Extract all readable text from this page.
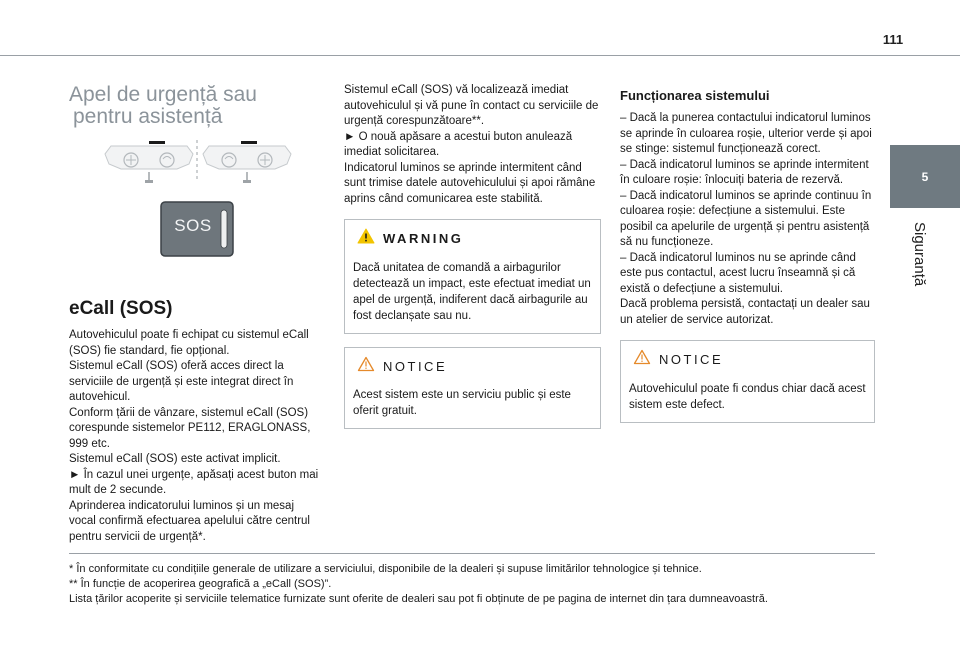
111
5
Siguranță
Apel de urgență sau
pentru asistență
SOS
eCall (SOS)

Autovehiculul poate fi echipat cu sistemul eCall (SOS) fie standard, fie opțional.
Sistemul eCall (SOS) oferă acces direct la serviciile de urgență și este integrat direct în autovehicul.
Conform țării de vânzare, sistemul eCall (SOS) corespunde sistemelor PE112, ERAGLONASS, 999 etc.
Sistemul eCall (SOS) este activat implicit.
► În cazul unei urgențe, apăsați acest buton mai mult de 2 secunde.
Aprinderea indicatorului luminos și un mesaj vocal confirmă efectuarea apelului către centrul pentru servicii de urgență*.

Sistemul eCall (SOS) vă localizează imediat autovehiculul și vă pune în contact cu serviciile de urgență corespunzătoare**.
► O nouă apăsare a acestui buton anulează imediat solicitarea.
Indicatorul luminos se aprinde intermitent când sunt trimise datele autovehiculului și apoi rămâne aprins când comunicarea este stabilită.

WARNING

Dacă unitatea de comandă a airbagurilor detectează un impact, este efectuat imediat un apel de urgență, indiferent dacă airbagurile au fost declanșate sau nu.

NOTICE

Acest sistem este un serviciu public și este oferit gratuit.

Funcționarea sistemului

– Dacă la punerea contactului indicatorul luminos se aprinde în culoarea roșie, ulterior verde și apoi se stinge: sistemul funcționează corect.
– Dacă indicatorul luminos se aprinde intermitent în culoare roșie: înlocuiți bateria de rezervă.
– Dacă indicatorul luminos se aprinde continuu în culoarea roșie: defecțiune a sistemului. Este posibil ca apelurile de urgență și pentru asistență să nu funcționeze.
– Dacă indicatorul luminos nu se aprinde când este pus contactul, acest lucru înseamnă și că există o defecțiune a sistemului.
Dacă problema persistă, contactați un dealer sau un atelier de service autorizat.

NOTICE

Autovehiculul poate fi condus chiar dacă acest sistem este defect.

* În conformitate cu condițiile generale de utilizare a serviciului, disponibile de la dealeri și supuse limitărilor tehnologice și tehnice.
** În funcție de acoperirea geografică a „eCall (SOS)”.
Lista țărilor acoperite și serviciile telematice furnizate sunt oferite de dealeri sau pot fi obținute de pe pagina de internet din țara dumneavoastră.
